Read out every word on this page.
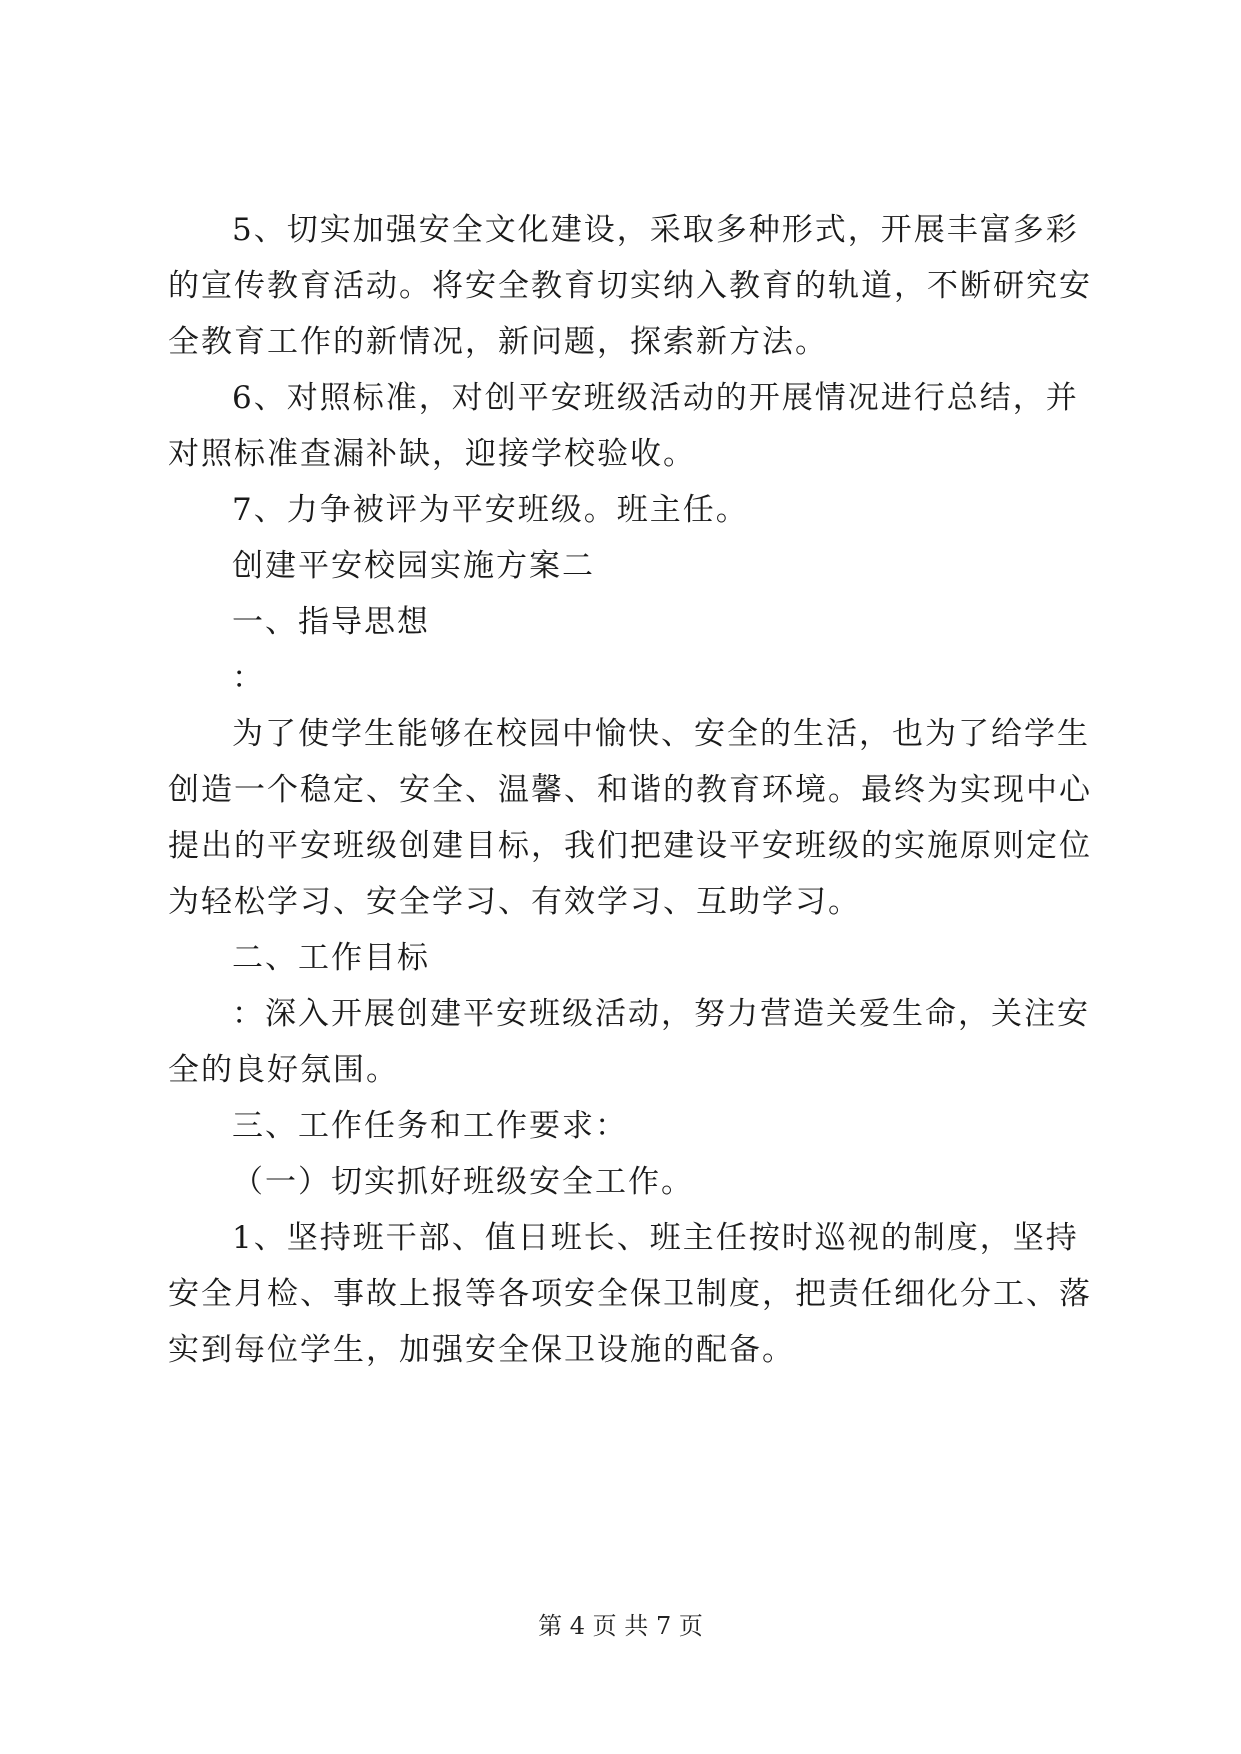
5、切实加强安全文化建设，采取多种形式，开展丰富多彩
的宣传教育活动。将安全教育切实纳入教育的轨道，不断研究安
全教育工作的新情况，新问题，探索新方法。
6、对照标准，对创平安班级活动的开展情况进行总结，并
对照标准查漏补缺，迎接学校验收。
7、力争被评为平安班级。班主任。
创建平安校园实施方案二
一、指导思想
：
为了使学生能够在校园中愉快、安全的生活，也为了给学生
创造一个稳定、安全、温馨、和谐的教育环境。最终为实现中心
提出的平安班级创建目标，我们把建设平安班级的实施原则定位
为轻松学习、安全学习、有效学习、互助学习。
二、工作目标
：深入开展创建平安班级活动，努力营造关爱生命，关注安
全的良好氛围。
三、工作任务和工作要求：
（一）切实抓好班级安全工作。
1、坚持班干部、值日班长、班主任按时巡视的制度，坚持
安全月检、事故上报等各项安全保卫制度，把责任细化分工、落
实到每位学生，加强安全保卫设施的配备。
第 4 页 共 7 页
